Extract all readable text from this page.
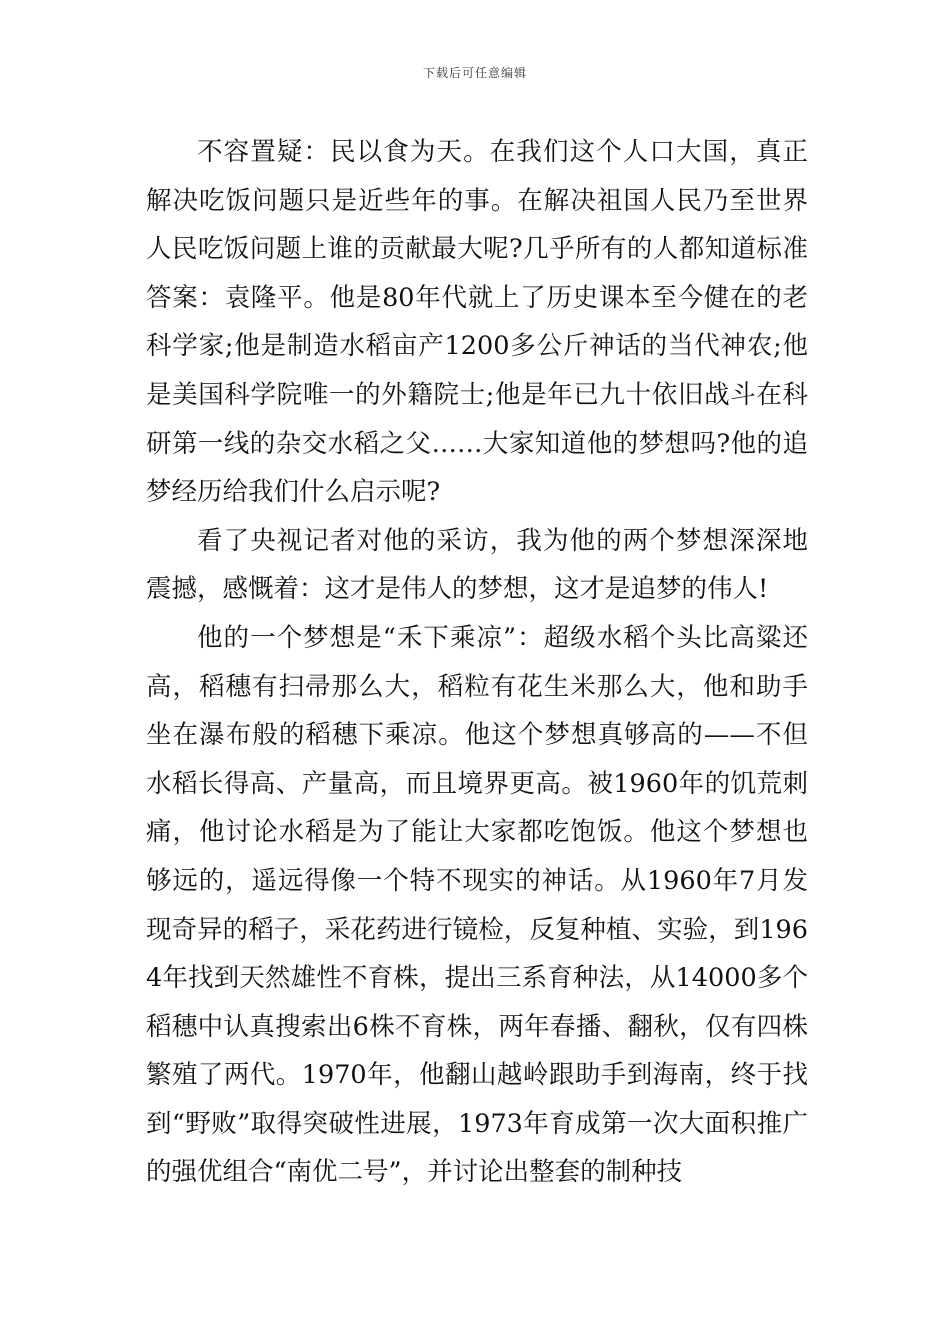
下载后可任意编辑

不容置疑：民以食为天。在我们这个人口大国，真正解决吃饭问题只是近些年的事。在解决祖国人民乃至世界人民吃饭问题上谁的贡献最大呢?几乎所有的人都知道标准答案：袁隆平。他是80年代就上了历史课本至今健在的老科学家;他是制造水稻亩产1200多公斤神话的当代神农;他是美国科学院唯一的外籍院士;他是年已九十依旧战斗在科研第一线的杂交水稻之父……大家知道他的梦想吗?他的追梦经历给我们什么启示呢?

看了央视记者对他的采访，我为他的两个梦想深深地震撼，感慨着：这才是伟人的梦想，这才是追梦的伟人!

他的一个梦想是“禾下乘凉”：超级水稻个头比高粱还高，稻穗有扫帚那么大，稻粒有花生米那么大，他和助手坐在瀑布般的稻穗下乘凉。他这个梦想真够高的——不但水稻长得高、产量高，而且境界更高。被1960年的饥荒刺痛，他讨论水稻是为了能让大家都吃饱饭。他这个梦想也够远的，遥远得像一个特不现实的神话。从1960年7月发现奇异的稻子，采花药进行镜检，反复种植、实验，到1964年找到天然雄性不育株，提出三系育种法，从14000多个稻穗中认真搜索出6株不育株，两年春播、翻秋，仅有四株繁殖了两代。1970年，他翻山越岭跟助手到海南，终于找到“野败”取得突破性进展，1973年育成第一次大面积推广的强优组合“南优二号”，并讨论出整套的制种技
